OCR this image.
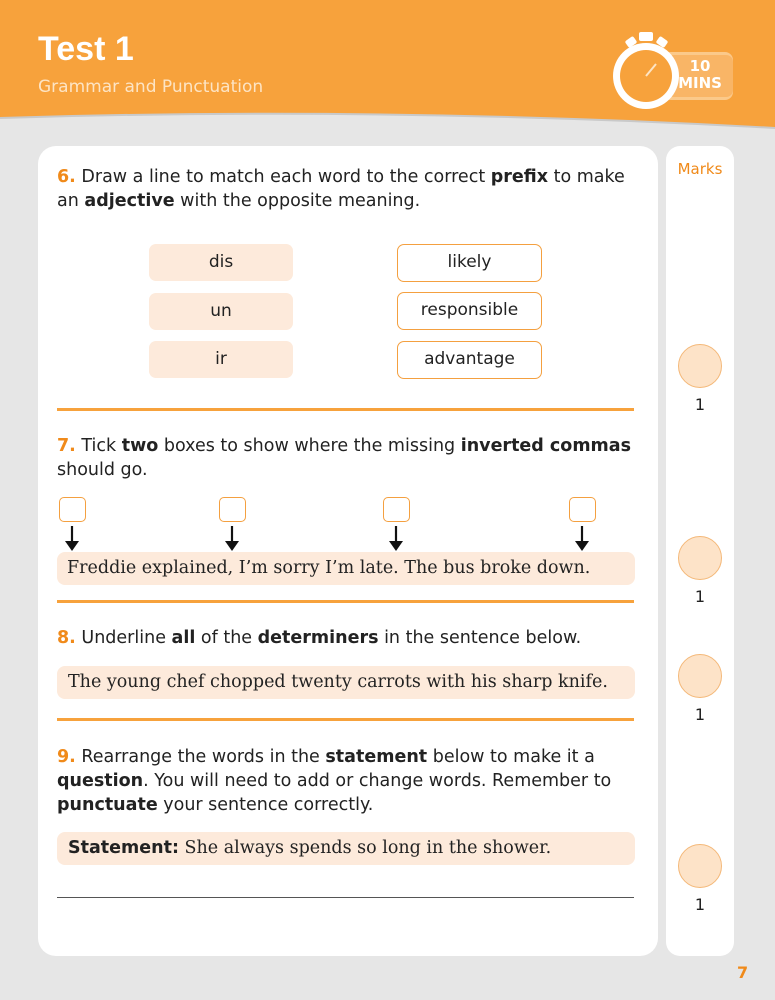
Test 1
Grammar and Punctuation
10
MINS
Marks
1
1
1
1
6. Draw a line to match each word to the correct prefix to make an adjective with the opposite meaning.
dis
un
ir
likely
responsible
advantage
7. Tick two boxes to show where the missing inverted commas should go.
Freddie explained, I’m sorry I’m late. The bus broke down.
8. Underline all of the determiners in the sentence below.
The young chef chopped twenty carrots with his sharp knife.
9. Rearrange the words in the statement below to make it a question. You will need to add or change words. Remember to punctuate your sentence correctly.
Statement: She always spends so long in the shower.
7
